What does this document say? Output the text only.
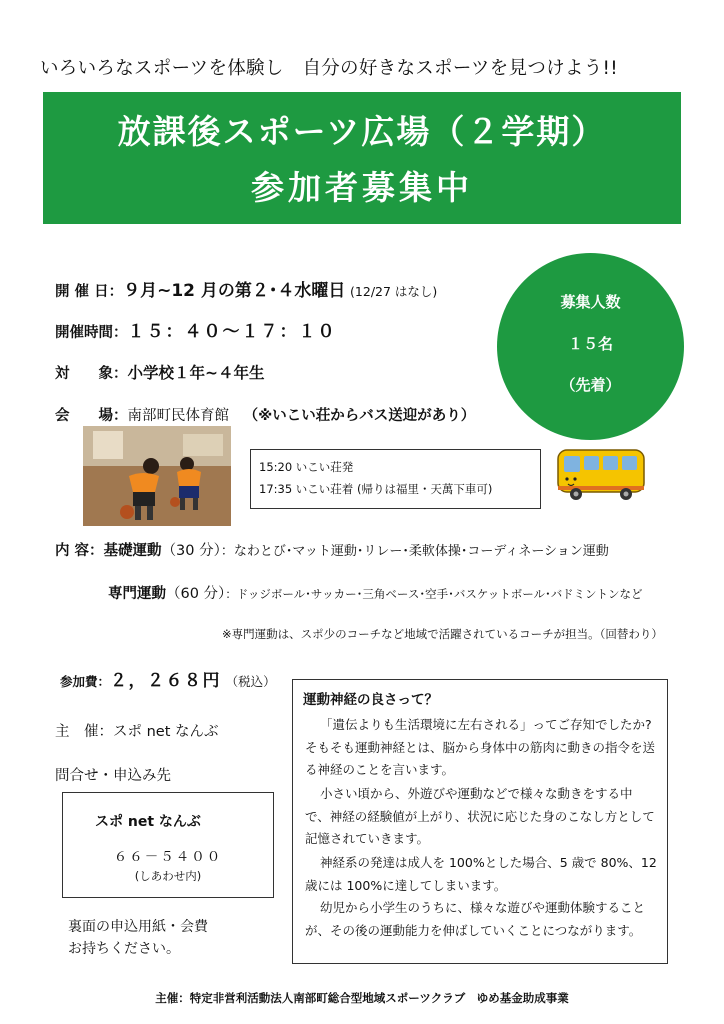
いろいろなスポーツを体験し　自分の好きなスポーツを見つけよう!!
放課後スポーツ広場（２学期）
参加者募集中
開 催 日：９月~12 月の第２･４水曜日 (12/27 はなし)
開催時間：１５：４０～１７：１０
対　　象：小学校１年~４年生
会　　場：南部町民体育館 （※いこい荘からバス送迎があり）
募集人数
１５名
（先着）
15:20 いこい荘発
17:35 いこい荘着 (帰りは福里・天萬下車可)
内 容：基礎運動（30 分）：なわとび･マット運動･リレー･柔軟体操･コーディネーション運動
専門運動（60 分）：ドッジボール･サッカー･三角ベース･空手･バスケットボール･バドミントンなど
※専門運動は、スポ少のコーチなど地域で活躍されているコーチが担当。（回替わり）
参加費：２，２６８円 （税込）
主　催：スポ net なんぶ
問合せ・申込み先
スポ net なんぶ
６６－５４００
(しあわせ内)
裏面の申込用紙・会費
お持ちください。
運動神経の良さって？
「遺伝よりも生活環境に左右される」ってご存知でしたか?そもそも運動神経とは、脳から身体中の筋肉に動きの指令を送る神経のことを言います。
小さい頃から、外遊びや運動などで様々な動きをする中で、神経の経験値が上がり、状況に応じた身のこなし方として記憶されていきます。
神経系の発達は成人を 100%とした場合、5 歳で 80%、12 歳には 100%に達してしまいます。
幼児から小学生のうちに、様々な遊びや運動体験することが、その後の運動能力を伸ばしていくことにつながります。
主催：特定非営利活動法人南部町総合型地域スポーツクラブ　ゆめ基金助成事業
